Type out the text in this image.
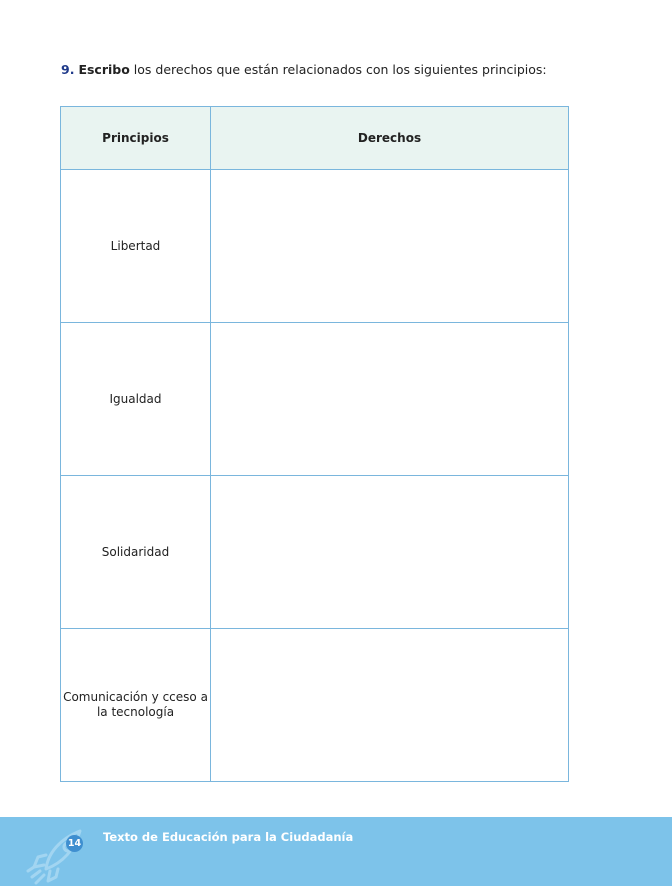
9. Escribo los derechos que están relacionados con los siguientes principios:
Principios	Derechos
Libertad	
Igualdad	
Solidaridad	
Comunicación y cceso a la tecnología	
14 Texto de Educación para la Ciudadanía
